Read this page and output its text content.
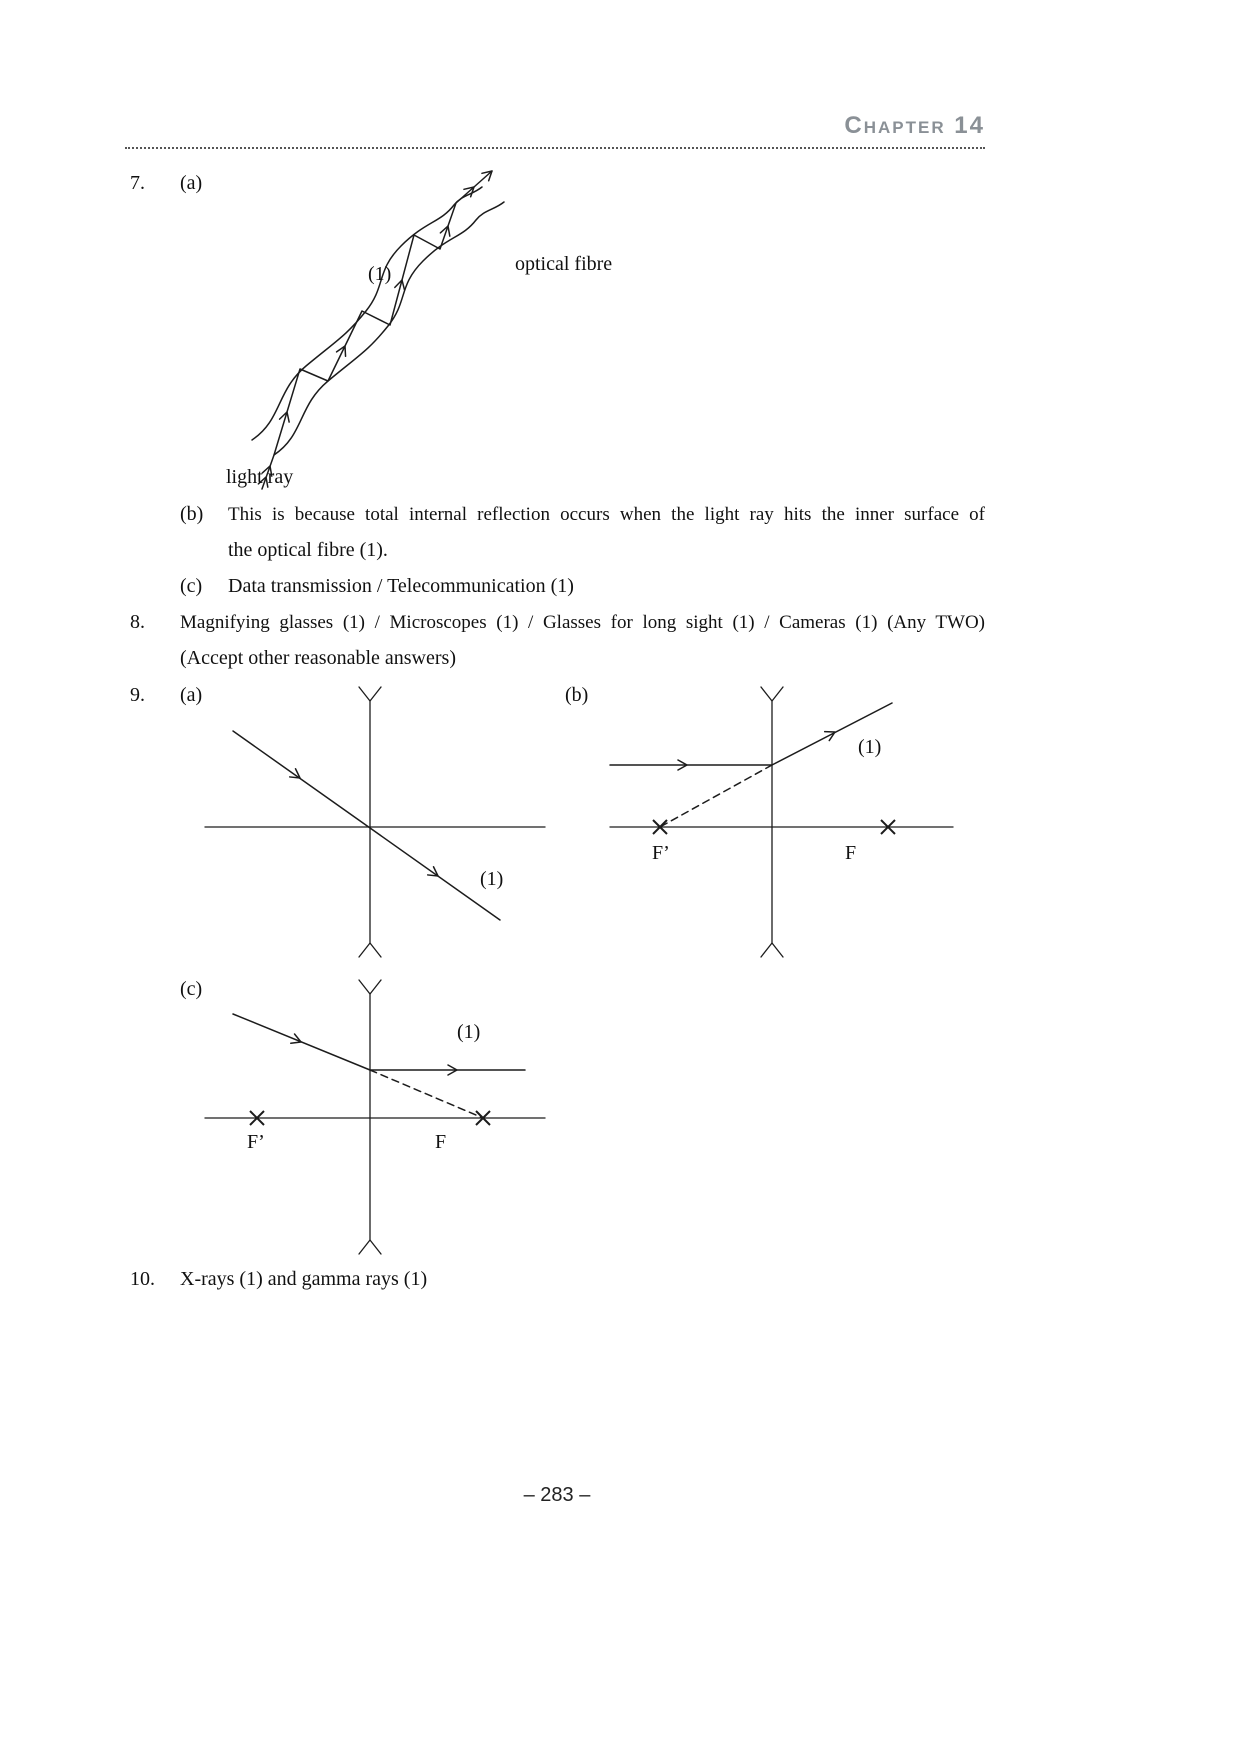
Chapter 14
7. (a)
(1)	optical fibre
light ray
(b) This is because total internal reflection occurs when the light ray hits the inner surface of
the optical fibre (1).
(c) Data transmission / Telecommunication (1)
8. Magnifying glasses (1) / Microscopes (1) / Glasses for long sight (1) / Cameras (1) (Any TWO)
(Accept other reasonable answers)
9. (a)	(b)
(1)
F’	F
(1)
(c)
F’	F
(1)
10. X-rays (1) and gamma rays (1)
– 283 –
